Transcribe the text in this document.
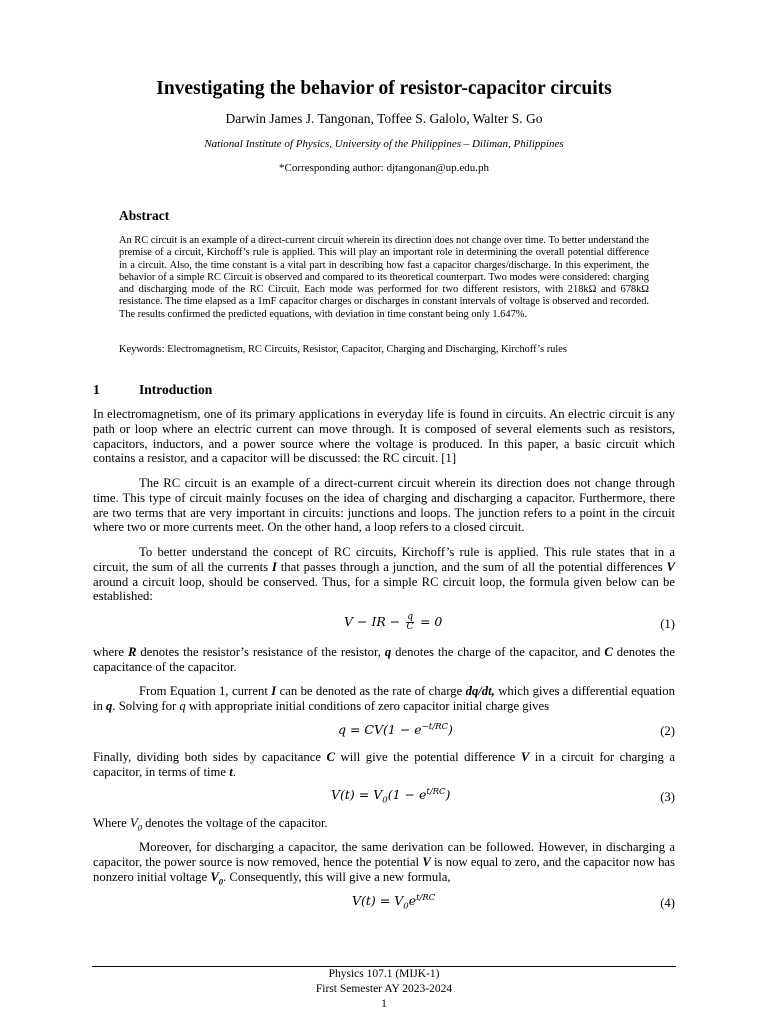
Investigating the behavior of resistor-capacitor circuits
Darwin James J. Tangonan, Toffee S. Galolo, Walter S. Go
National Institute of Physics, University of the Philippines – Diliman, Philippines
*Corresponding author: djtangonan@up.edu.ph
Abstract
An RC circuit is an example of a direct-current circuit wherein its direction does not change over time. To better understand the premise of a circuit, Kirchoff’s rule is applied. This will play an important role in determining the overall potential difference in a circuit. Also, the time constant is a vital part in describing how fast a capacitor charges/discharge. In this experiment, the behavior of a simple RC Circuit is observed and compared to its theoretical counterpart. Two modes were considered: charging and discharging mode of the RC Circuit. Each mode was performed for two different resistors, with 218kΩ and 678kΩ resistance. The time elapsed as a 1mF capacitor charges or discharges in constant intervals of voltage is observed and recorded. The results confirmed the predicted equations, with deviation in time constant being only 1.647%.
Keywords: Electromagnetism, RC Circuits, Resistor, Capacitor, Charging and Discharging, Kirchoff’s rules
1	Introduction
In electromagnetism, one of its primary applications in everyday life is found in circuits. An electric circuit is any path or loop where an electric current can move through. It is composed of several elements such as resistors, capacitors, inductors, and a power source where the voltage is produced. In this paper, a basic circuit which contains a resistor, and a capacitor will be discussed: the RC circuit. [1]
The RC circuit is an example of a direct-current circuit wherein its direction does not change through time. This type of circuit mainly focuses on the idea of charging and discharging a capacitor. Furthermore, there are two terms that are very important in circuits: junctions and loops. The junction refers to a point in the circuit where two or more currents meet. On the other hand, a loop refers to a closed circuit.
To better understand the concept of RC circuits, Kirchoff’s rule is applied. This rule states that in a circuit, the sum of all the currents I that passes through a junction, and the sum of all the potential differences V around a circuit loop, should be conserved. Thus, for a simple RC circuit loop, the formula given below can be established:
V − IR − $\frac{q}{C} = 0$	(1)
where R denotes the resistor’s resistance of the resistor, q denotes the charge of the capacitor, and C denotes the capacitance of the capacitor.
From Equation 1, current I can be denoted as the rate of charge dq/dt, which gives a differential equation in q. Solving for q with appropriate initial conditions of zero capacitor initial charge gives
$q = CV(1 - e^{-t/RC})$	(2)
Finally, dividing both sides by capacitance C will give the potential difference V in a circuit for charging a capacitor, in terms of time t.
$V(t) = V_0(1 - e^{t/RC})$	(3)
Where $V_0$ denotes the voltage of the capacitor.
Moreover, for discharging a capacitor, the same derivation can be followed. However, in discharging a capacitor, the power source is now removed, hence the potential V is now equal to zero, and the capacitor now has nonzero initial voltage $V_0$. Consequently, this will give a new formula,
$V(t) = V_0e^{t/RC}$	(4)
Physics 107.1 (MIJK-1)
First Semester AY 2023-2024
1
